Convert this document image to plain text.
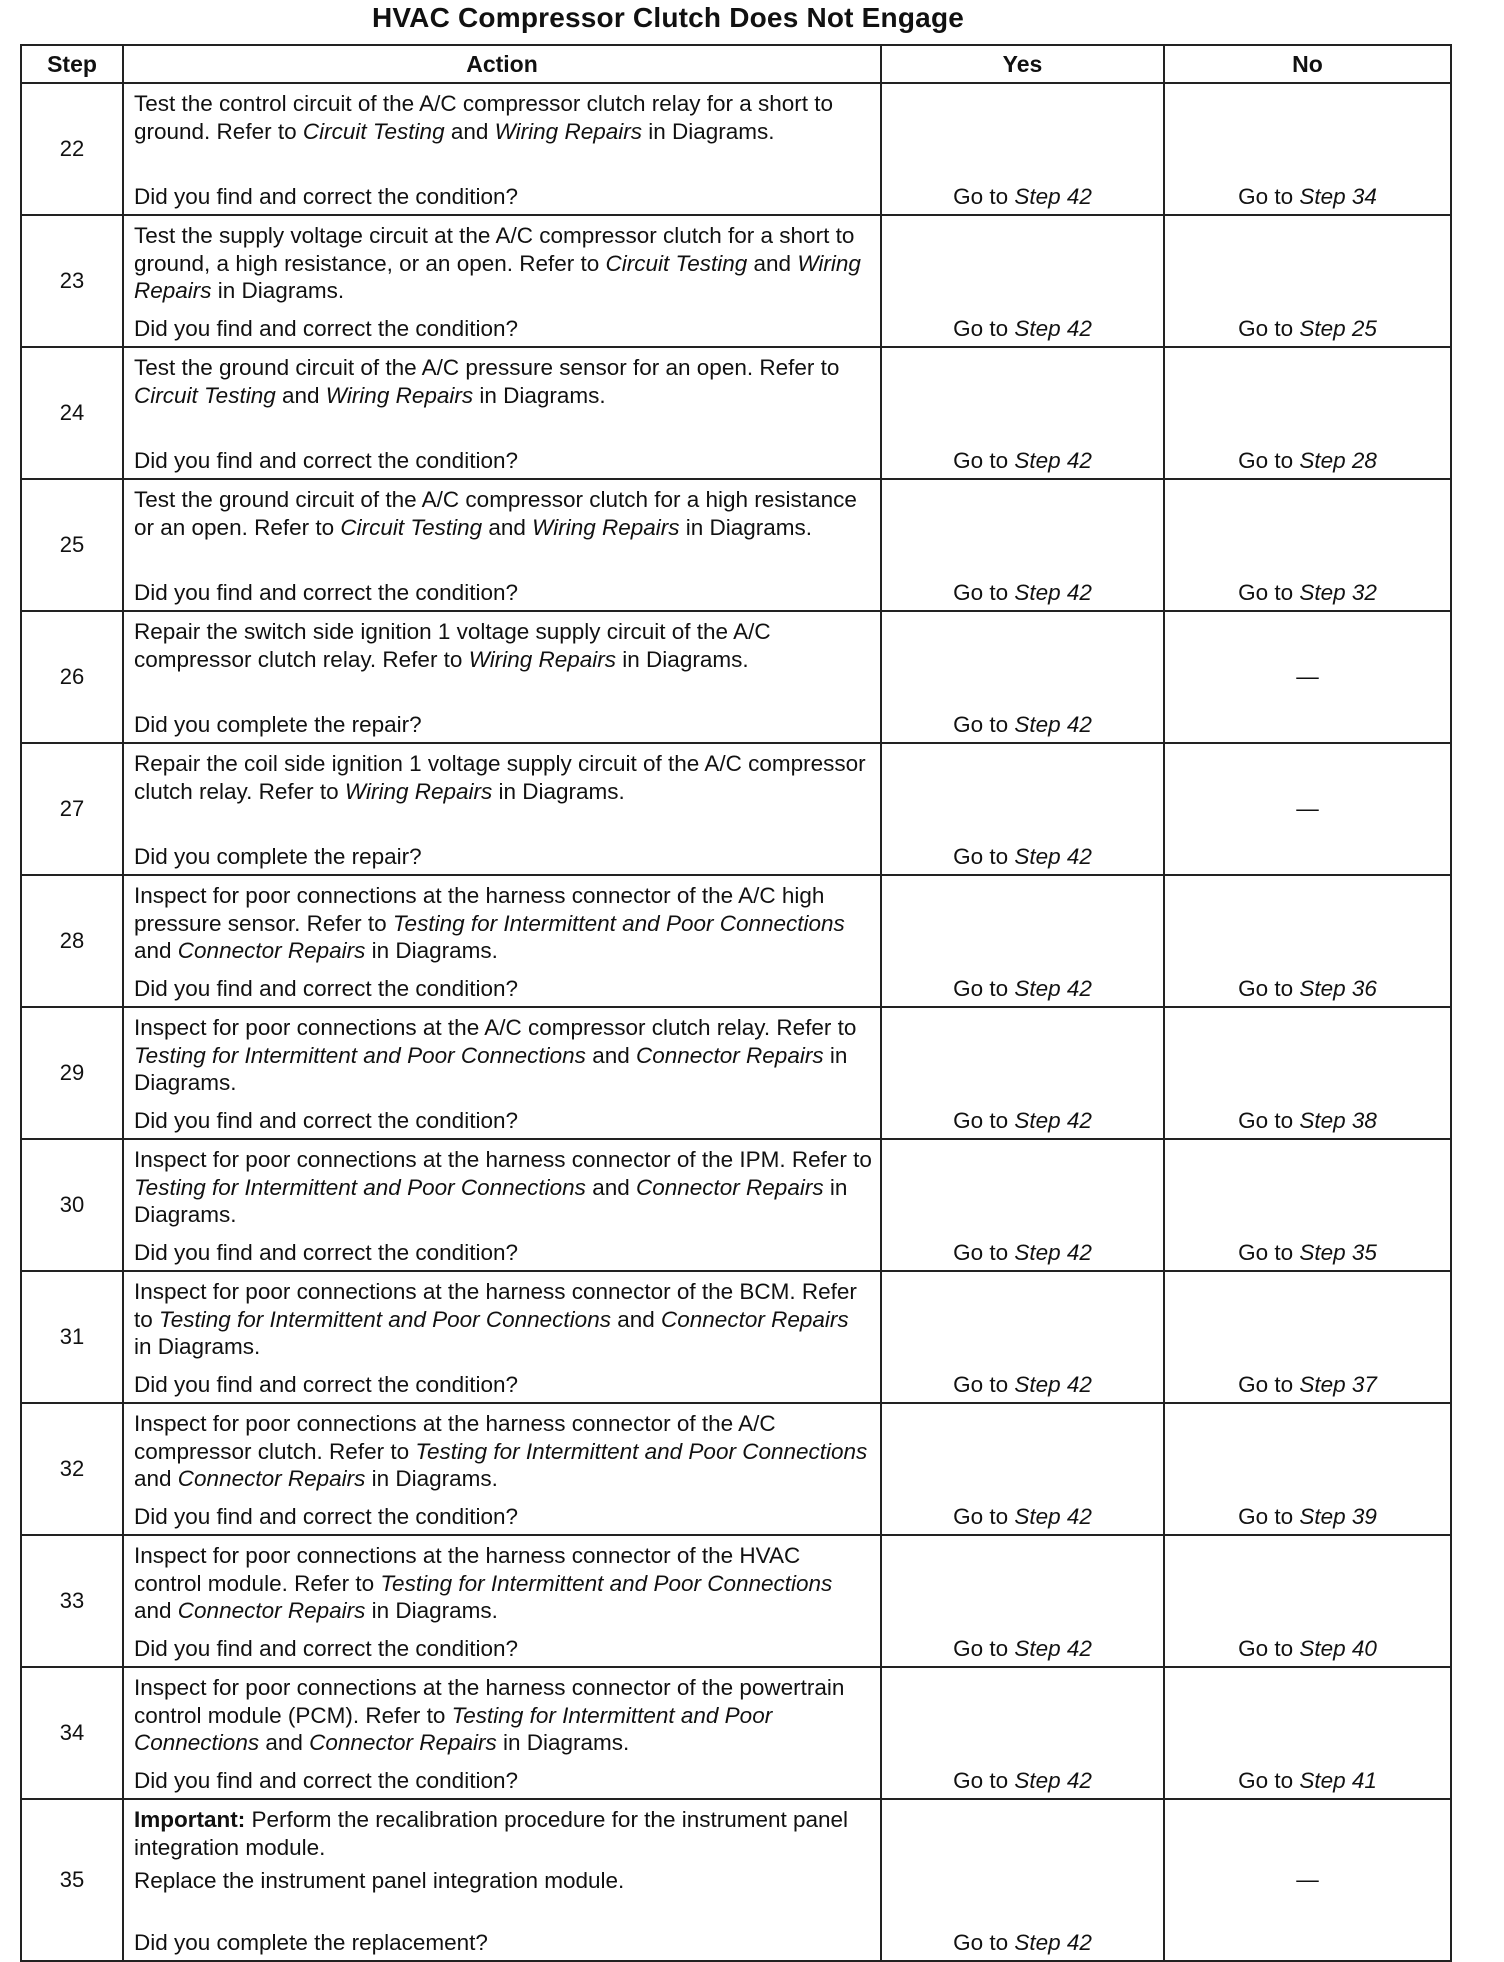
HVAC Compressor Clutch Does Not Engage
Step	Action	Yes	No
22	Test the control circuit of the A/C compressor clutch relay for a short to ground. Refer to Circuit Testing and Wiring Repairs in Diagrams.
Did you find and correct the condition?	Go to Step 42	Go to Step 34
23	Test the supply voltage circuit at the A/C compressor clutch for a short to ground, a high resistance, or an open. Refer to Circuit Testing and Wiring Repairs in Diagrams.
Did you find and correct the condition?	Go to Step 42	Go to Step 25
24	Test the ground circuit of the A/C pressure sensor for an open. Refer to Circuit Testing and Wiring Repairs in Diagrams.
Did you find and correct the condition?	Go to Step 42	Go to Step 28
25	Test the ground circuit of the A/C compressor clutch for a high resistance or an open. Refer to Circuit Testing and Wiring Repairs in Diagrams.
Did you find and correct the condition?	Go to Step 42	Go to Step 32
26	Repair the switch side ignition 1 voltage supply circuit of the A/C compressor clutch relay. Refer to Wiring Repairs in Diagrams.
Did you complete the repair?	Go to Step 42	—
27	Repair the coil side ignition 1 voltage supply circuit of the A/C compressor clutch relay. Refer to Wiring Repairs in Diagrams.
Did you complete the repair?	Go to Step 42	—
28	Inspect for poor connections at the harness connector of the A/C high pressure sensor. Refer to Testing for Intermittent and Poor Connections and Connector Repairs in Diagrams.
Did you find and correct the condition?	Go to Step 42	Go to Step 36
29	Inspect for poor connections at the A/C compressor clutch relay. Refer to Testing for Intermittent and Poor Connections and Connector Repairs in Diagrams.
Did you find and correct the condition?	Go to Step 42	Go to Step 38
30	Inspect for poor connections at the harness connector of the IPM. Refer to Testing for Intermittent and Poor Connections and Connector Repairs in Diagrams.
Did you find and correct the condition?	Go to Step 42	Go to Step 35
31	Inspect for poor connections at the harness connector of the BCM. Refer to Testing for Intermittent and Poor Connections and Connector Repairs in Diagrams.
Did you find and correct the condition?	Go to Step 42	Go to Step 37
32	Inspect for poor connections at the harness connector of the A/C compressor clutch. Refer to Testing for Intermittent and Poor Connections and Connector Repairs in Diagrams.
Did you find and correct the condition?	Go to Step 42	Go to Step 39
33	Inspect for poor connections at the harness connector of the HVAC control module. Refer to Testing for Intermittent and Poor Connections and Connector Repairs in Diagrams.
Did you find and correct the condition?	Go to Step 42	Go to Step 40
34	Inspect for poor connections at the harness connector of the powertrain control module (PCM). Refer to Testing for Intermittent and Poor Connections and Connector Repairs in Diagrams.
Did you find and correct the condition?	Go to Step 42	Go to Step 41
35	Important: Perform the recalibration procedure for the instrument panel integration module.
Replace the instrument panel integration module.
Did you complete the replacement?	Go to Step 42	—
